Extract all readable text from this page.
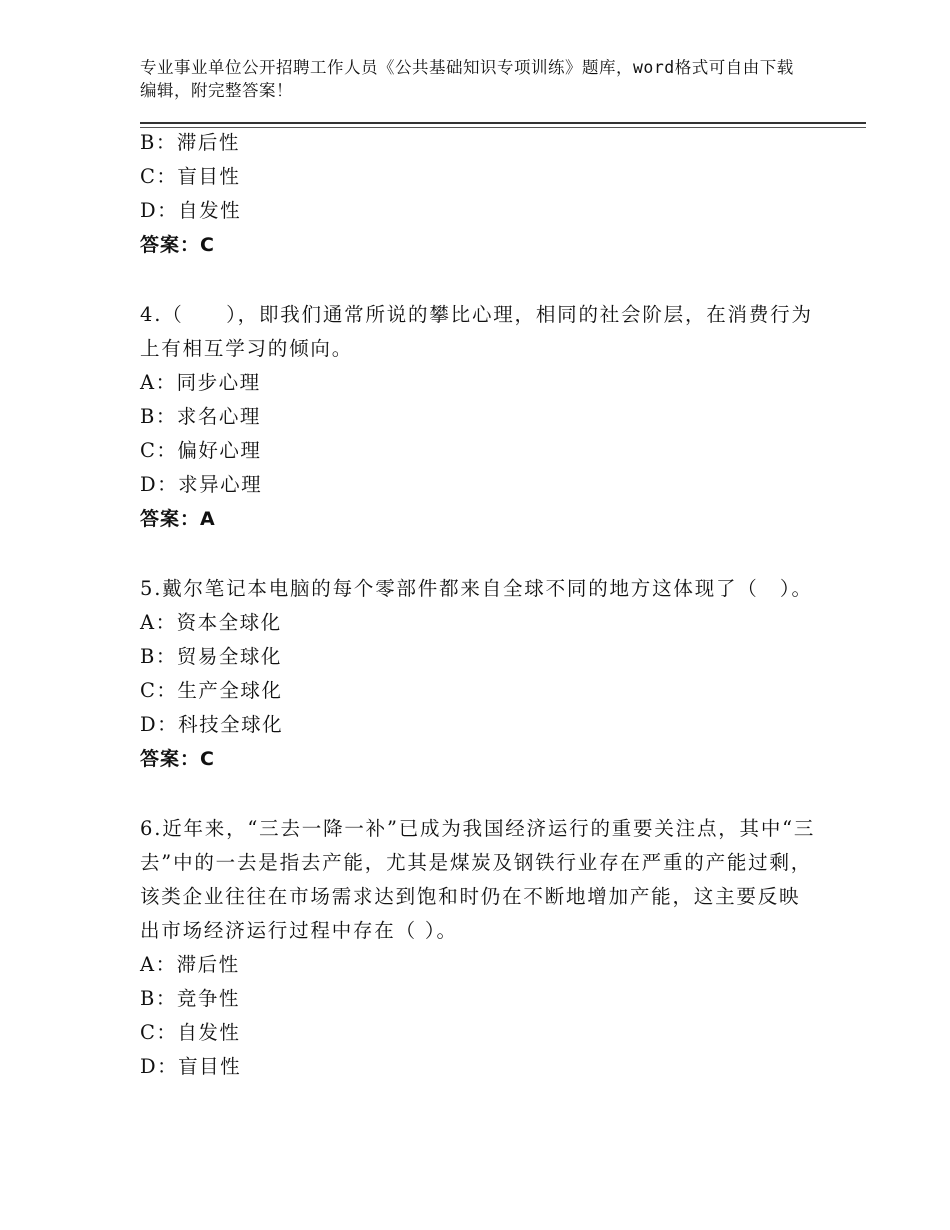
专业事业单位公开招聘工作人员《公共基础知识专项训练》题库，word格式可自由下载编辑，附完整答案！
B：滞后性
C：盲目性
D：自发性
答案：C
4.（　　），即我们通常所说的攀比心理，相同的社会阶层，在消费行为上有相互学习的倾向。
A：同步心理
B：求名心理
C：偏好心理
D：求异心理
答案：A
5.戴尔笔记本电脑的每个零部件都来自全球不同的地方这体现了（　）。
A：资本全球化
B：贸易全球化
C：生产全球化
D：科技全球化
答案：C
6.近年来，“三去一降一补”已成为我国经济运行的重要关注点，其中“三去”中的一去是指去产能，尤其是煤炭及钢铁行业存在严重的产能过剩，该类企业往往在市场需求达到饱和时仍在不断地增加产能，这主要反映出市场经济运行过程中存在（ ）。
A：滞后性
B：竞争性
C：自发性
D：盲目性
